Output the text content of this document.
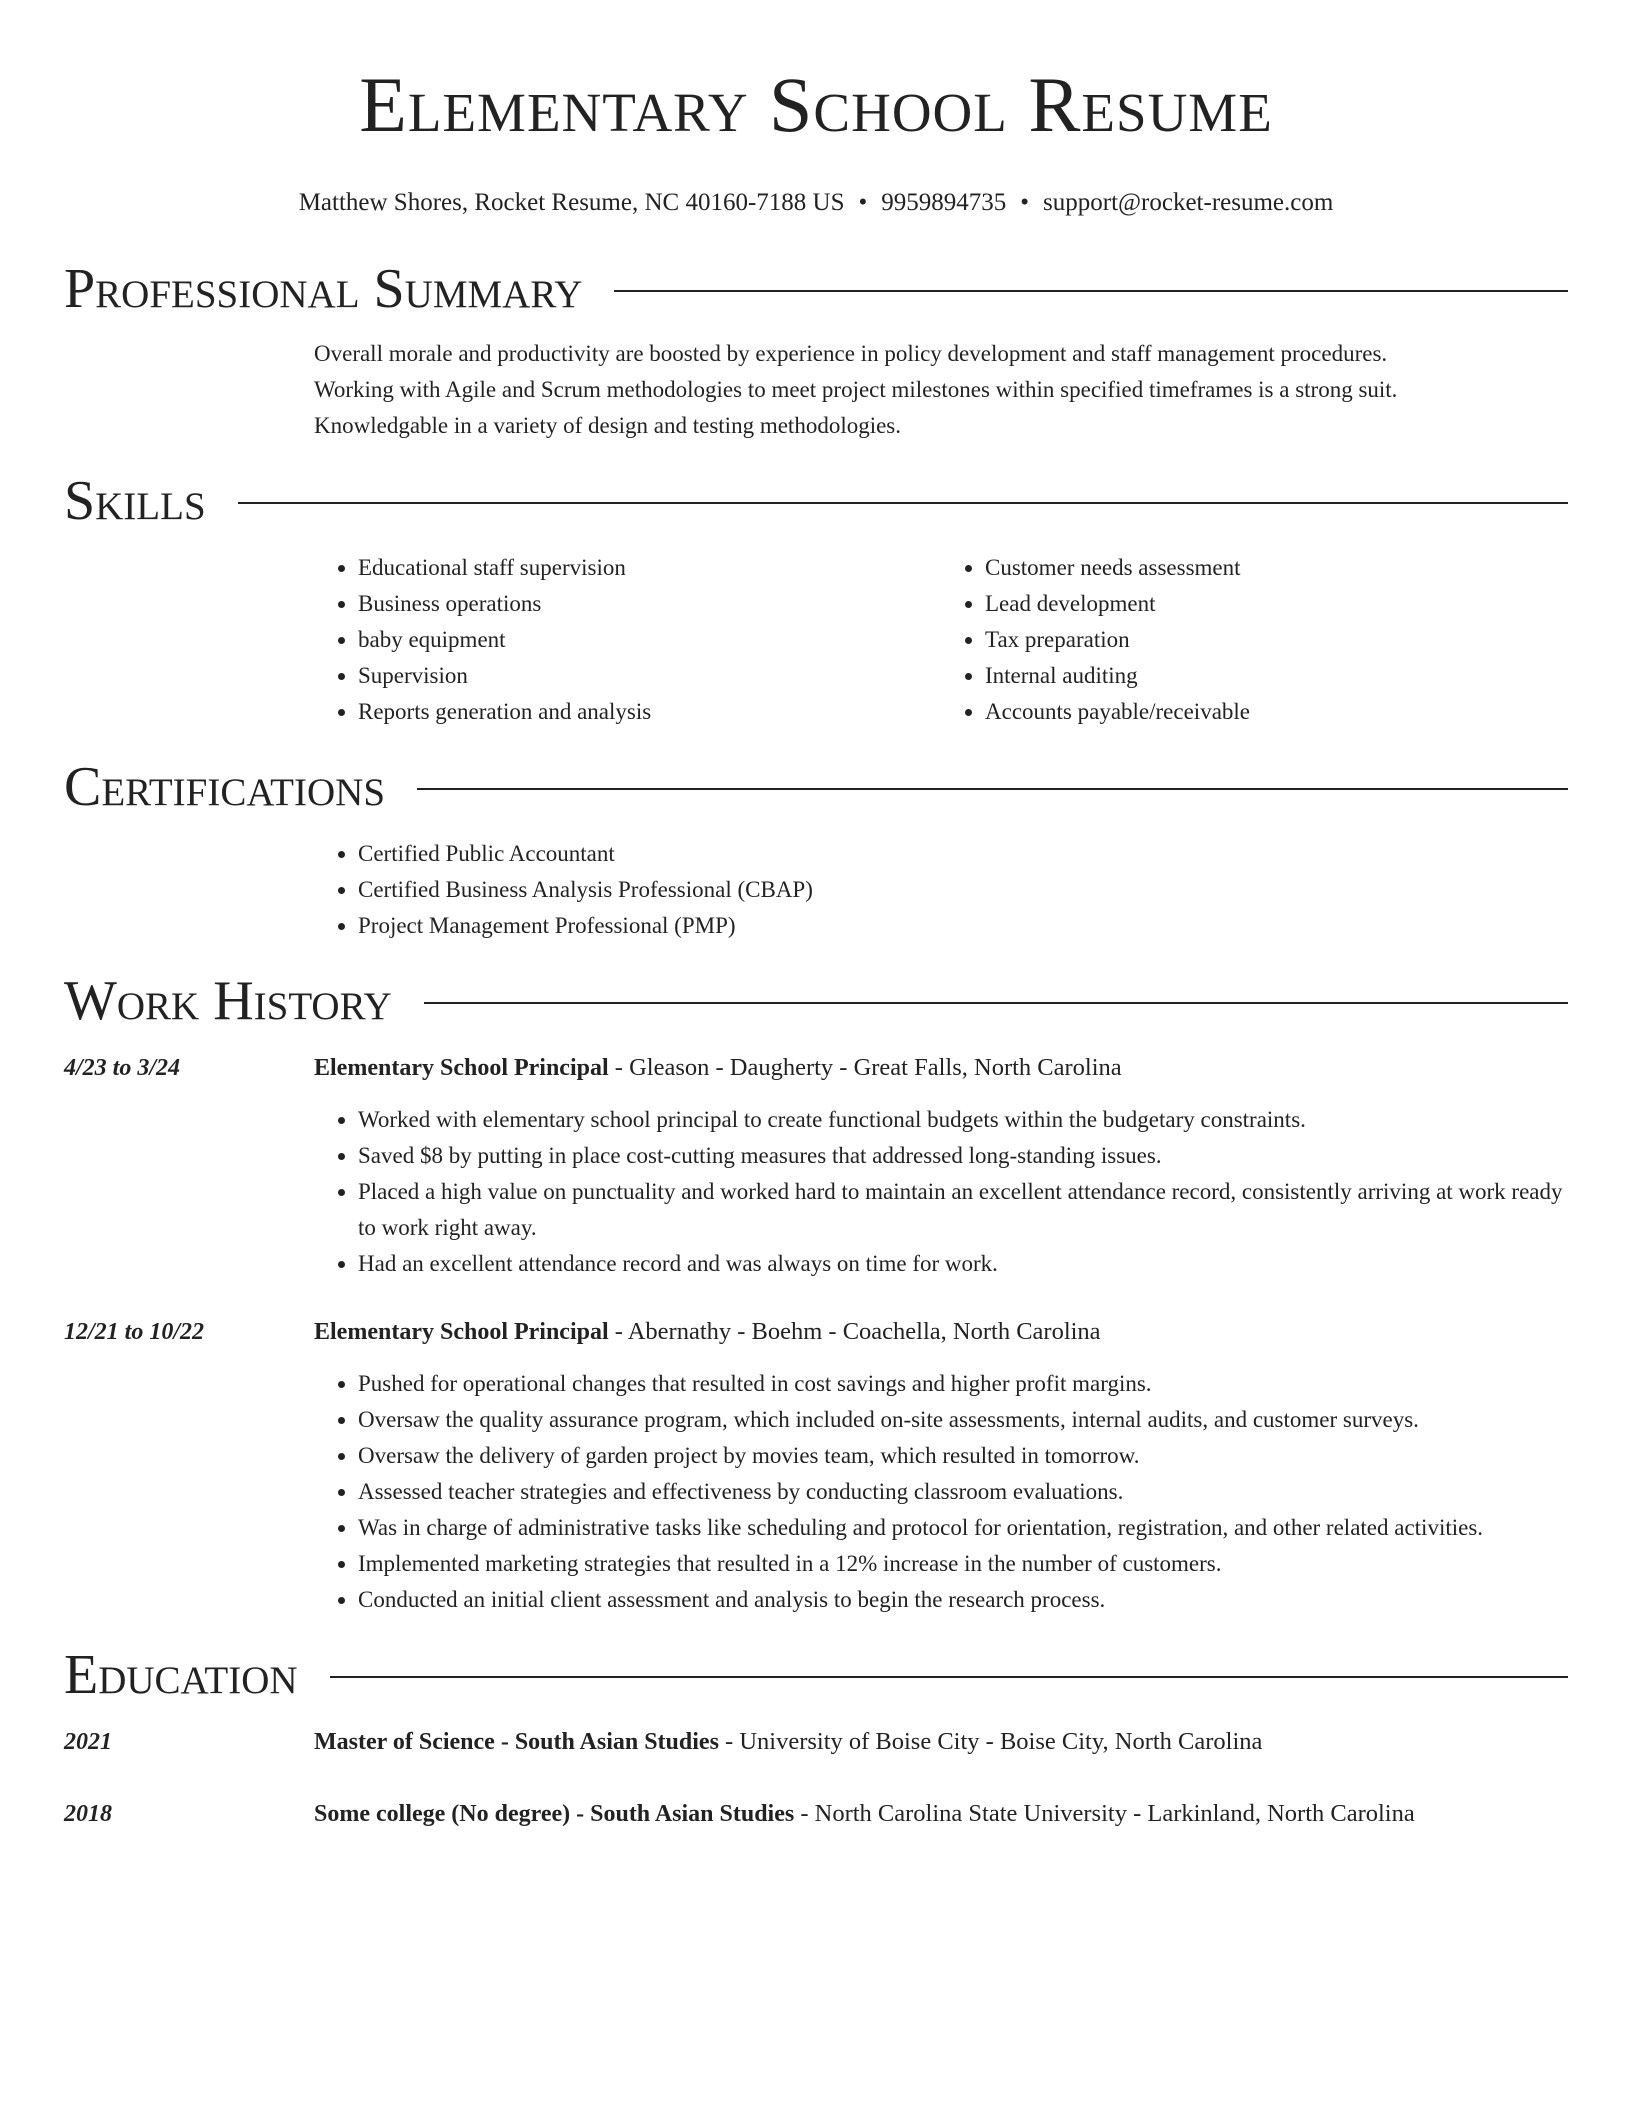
Elementary School Resume
Matthew Shores, Rocket Resume, NC 40160-7188 US • 9959894735 • support@rocket-resume.com
Professional Summary

Overall morale and productivity are boosted by experience in policy development and staff management procedures.

Working with Agile and Scrum methodologies to meet project milestones within specified timeframes is a strong suit.

Knowledgable in a variety of design and testing methodologies.

Skills
• Educational staff supervision
• Business operations
• baby equipment
• Supervision
• Reports generation and analysis
• Customer needs assessment
• Lead development
• Tax preparation
• Internal auditing
• Accounts payable/receivable
Certifications
• Certified Public Accountant
• Certified Business Analysis Professional (CBAP)
• Project Management Professional (PMP)
Work History
4/23 to 3/24	Elementary School Principal - Gleason - Daugherty - Great Falls, North Carolina
• Worked with elementary school principal to create functional budgets within the budgetary constraints.
• Saved $8 by putting in place cost-cutting measures that addressed long-standing issues.
• Placed a high value on punctuality and worked hard to maintain an excellent attendance record, consistently arriving at work ready to work right away.
• Had an excellent attendance record and was always on time for work.
12/21 to 10/22	Elementary School Principal - Abernathy - Boehm - Coachella, North Carolina
• Pushed for operational changes that resulted in cost savings and higher profit margins.
• Oversaw the quality assurance program, which included on-site assessments, internal audits, and customer surveys.
• Oversaw the delivery of garden project by movies team, which resulted in tomorrow.
• Assessed teacher strategies and effectiveness by conducting classroom evaluations.
• Was in charge of administrative tasks like scheduling and protocol for orientation, registration, and other related activities.
• Implemented marketing strategies that resulted in a 12% increase in the number of customers.
• Conducted an initial client assessment and analysis to begin the research process.
Education
2021	Master of Science - South Asian Studies - University of Boise City - Boise City, North Carolina
2018	Some college (No degree) - South Asian Studies - North Carolina State University - Larkinland, North Carolina
